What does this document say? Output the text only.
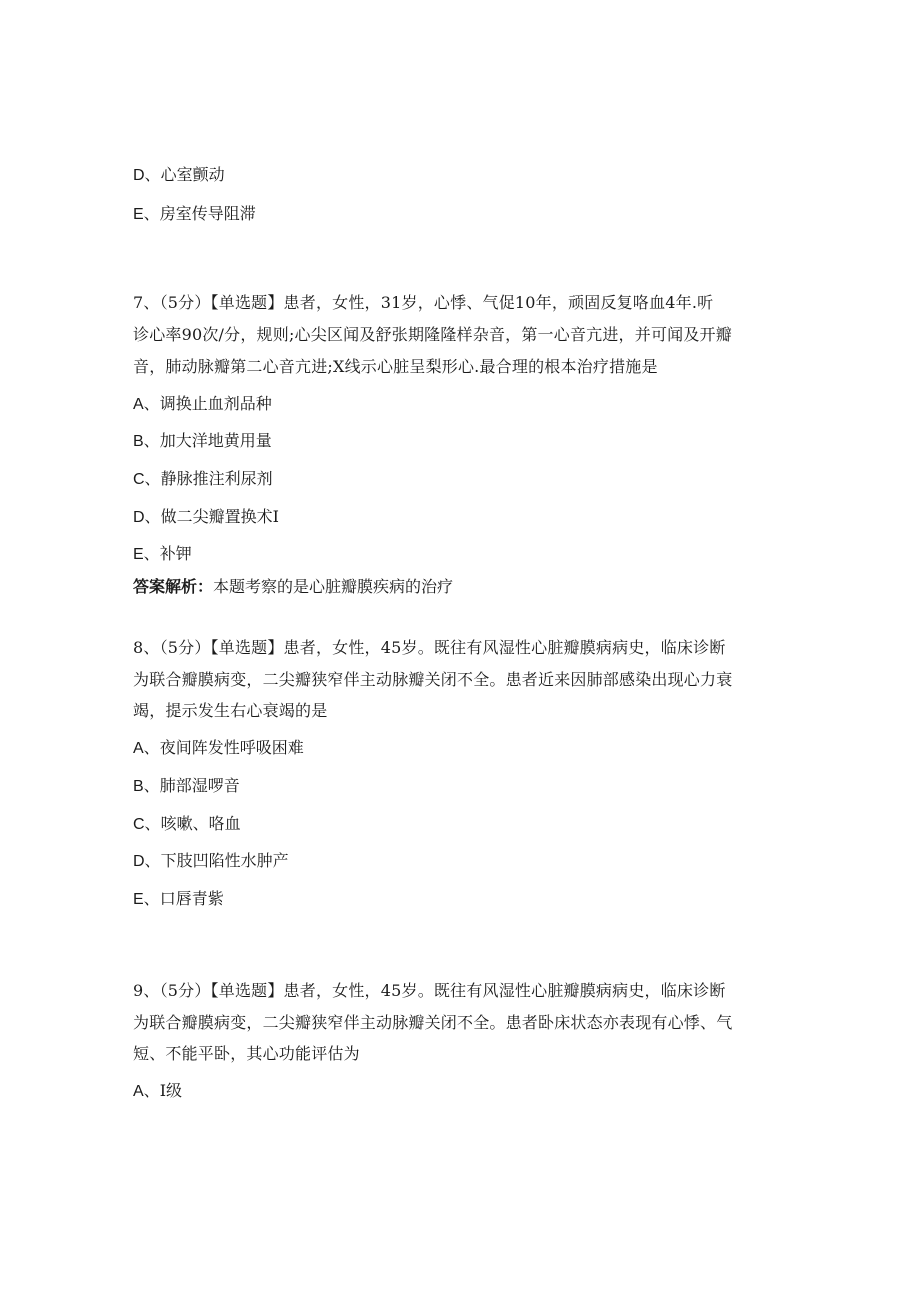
D、心室颤动
E、房室传导阻滞
7、（5分）【单选题】患者，女性，31岁，心悸、气促10年，顽固反复咯血4年.听
诊心率90次/分，规则;心尖区闻及舒张期隆隆样杂音，第一心音亢进，并可闻及开瓣
音，肺动脉瓣第二心音亢进;X线示心脏呈梨形心.最合理的根本治疗措施是
A、调换止血剂品种
B、加大洋地黄用量
C、静脉推注利尿剂
D、做二尖瓣置换术I
E、补钾
答案解析：本题考察的是心脏瓣膜疾病的治疗
8、（5分）【单选题】患者，女性，45岁。既往有风湿性心脏瓣膜病病史，临床诊断
为联合瓣膜病变，二尖瓣狭窄伴主动脉瓣关闭不全。患者近来因肺部感染出现心力衰
竭，提示发生右心衰竭的是
A、夜间阵发性呼吸困难
B、肺部湿啰音
C、咳嗽、咯血
D、下肢凹陷性水肿产
E、口唇青紫
9、（5分）【单选题】患者，女性，45岁。既往有风湿性心脏瓣膜病病史，临床诊断
为联合瓣膜病变，二尖瓣狭窄伴主动脉瓣关闭不全。患者卧床状态亦表现有心悸、气
短、不能平卧，其心功能评估为
A、I级
